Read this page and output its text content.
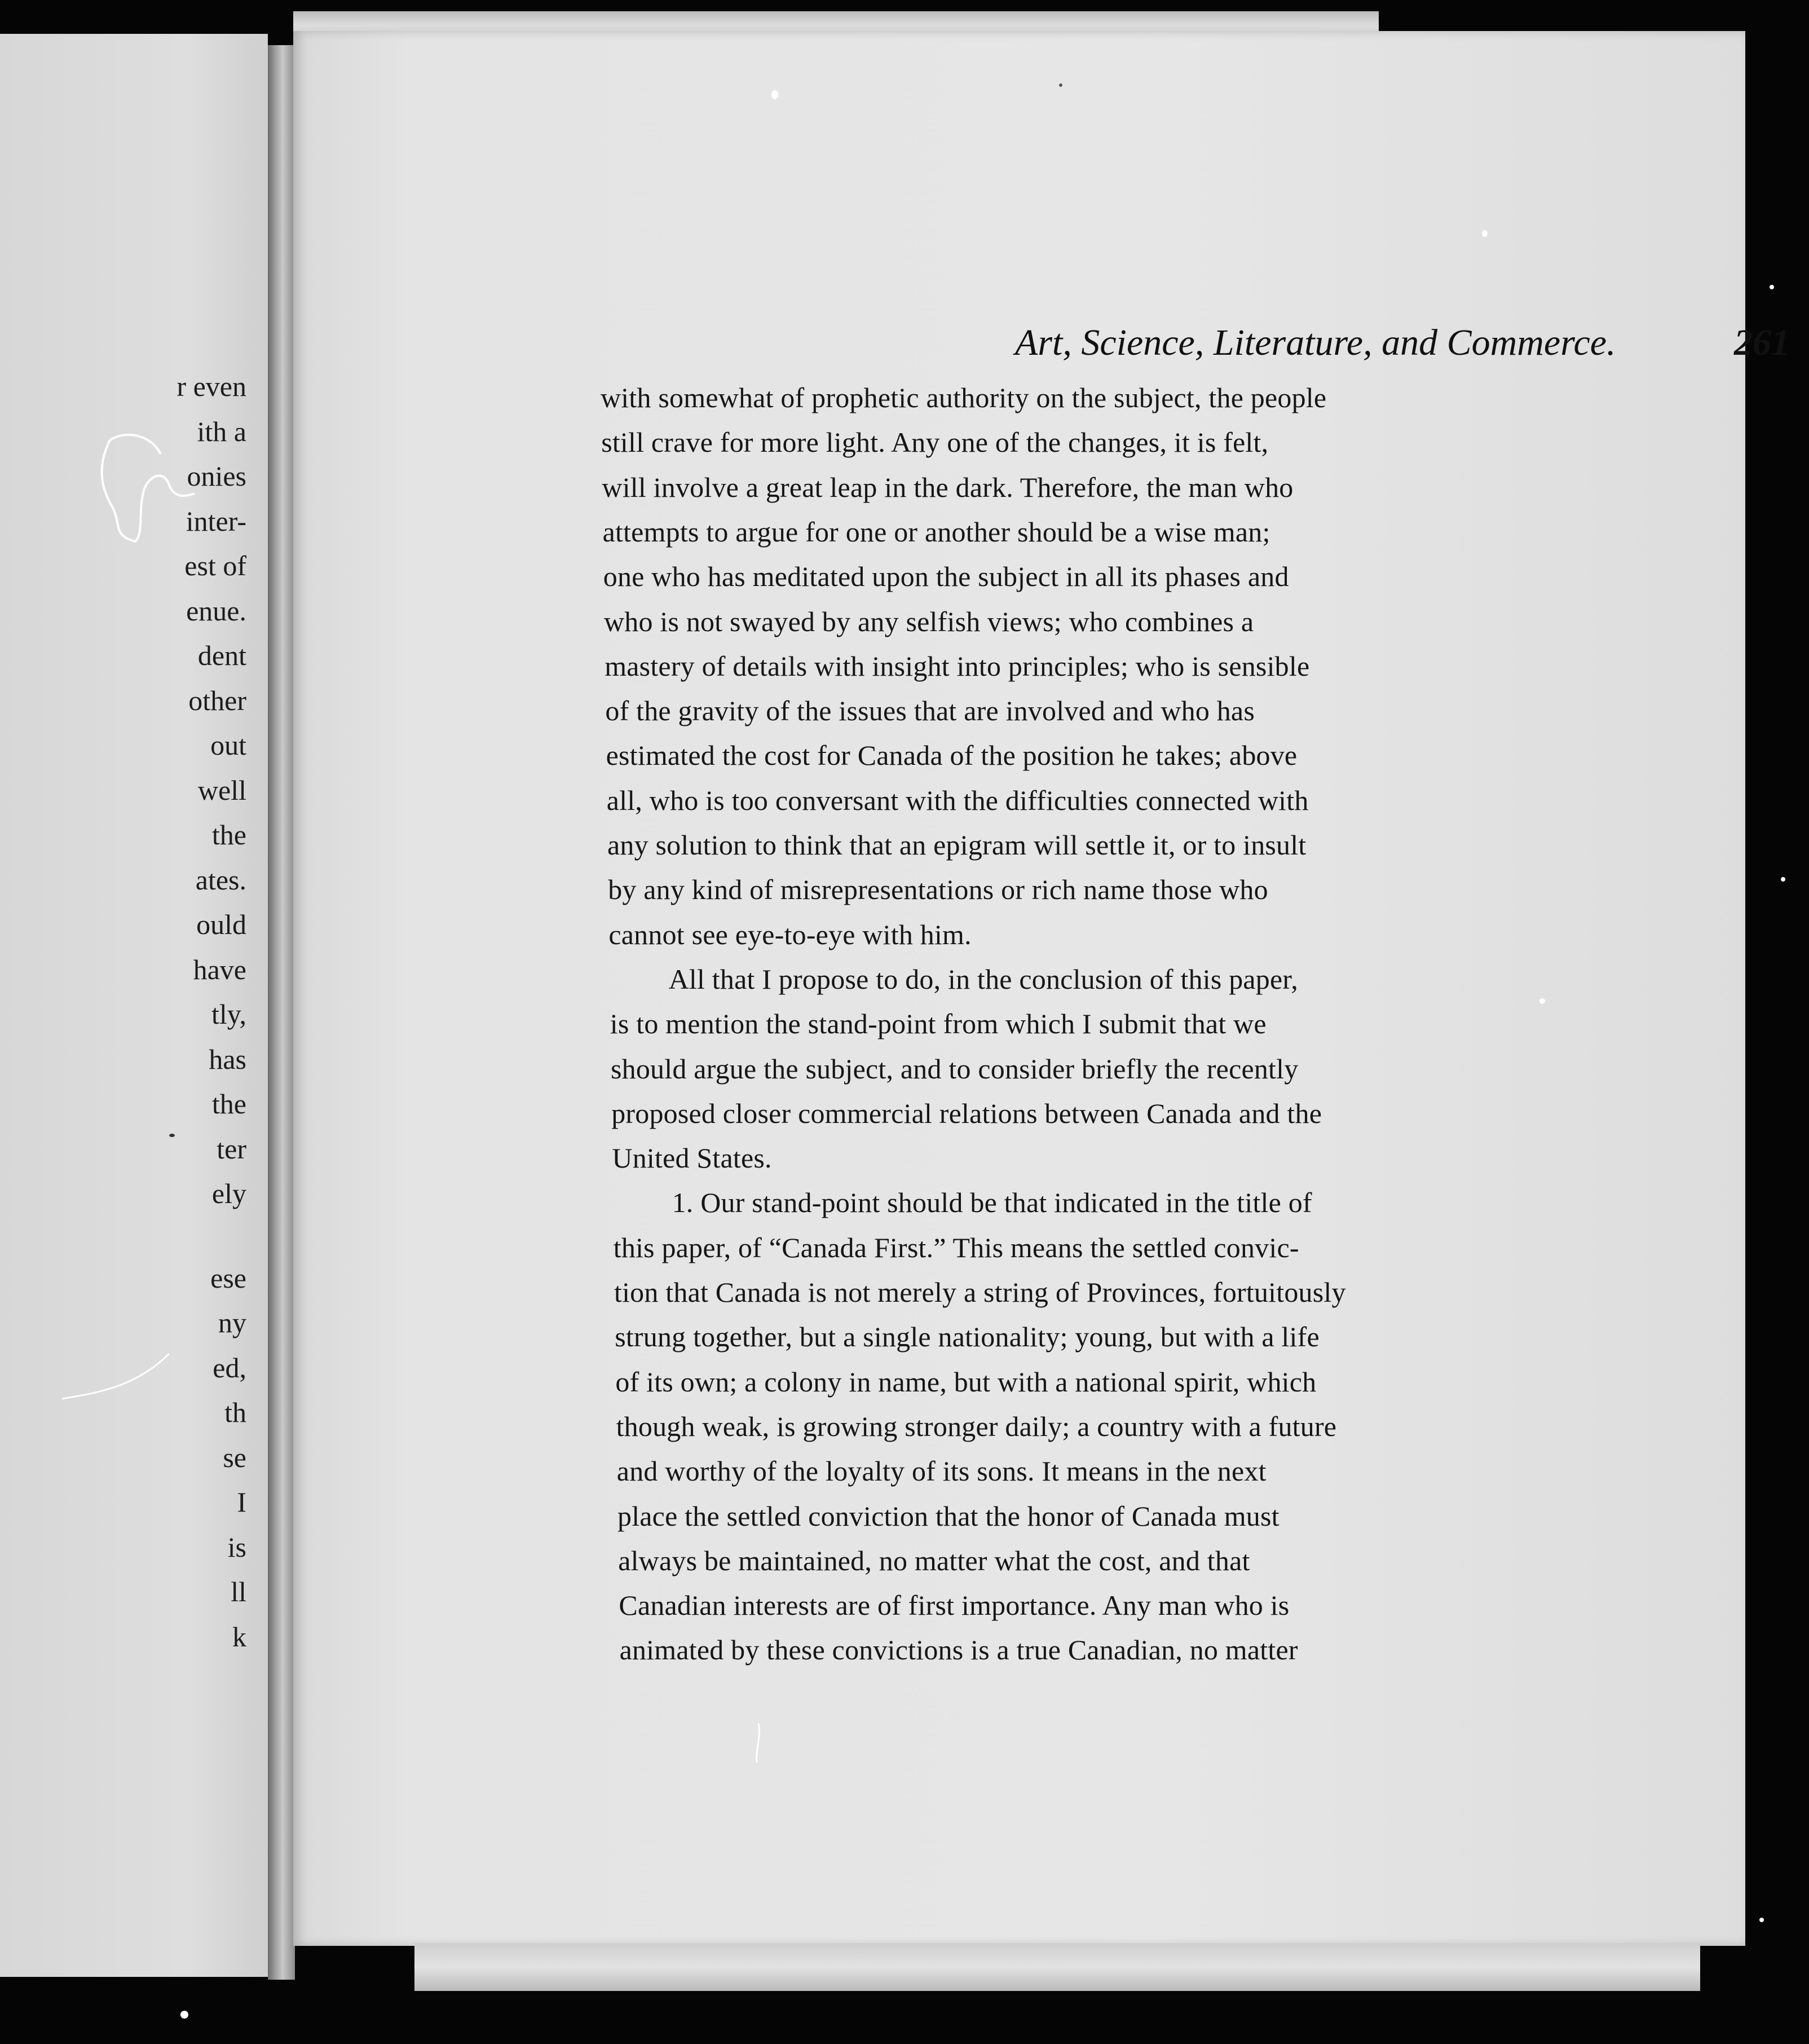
r even
ith a
onies
inter-
est of
enue.
dent
other
out
well
the
ates.
ould
have
tly,
has
the
ter
ely
ese
ny
ed,
th
se
I
is
ll
k
Art, Science, Literature, and Commerce.	261
with somewhat of prophetic authority on the subject, the people
still crave for more light. Any one of the changes, it is felt,
will involve a great leap in the dark. Therefore, the man who
attempts to argue for one or another should be a wise man;
one who has meditated upon the subject in all its phases and
who is not swayed by any selfish views; who combines a
mastery of details with insight into principles; who is sensible
of the gravity of the issues that are involved and who has
estimated the cost for Canada of the position he takes; above
all, who is too conversant with the difficulties connected with
any solution to think that an epigram will settle it, or to insult
by any kind of misrepresentations or rich name those who
cannot see eye-to-eye with him.
All that I propose to do, in the conclusion of this paper,
is to mention the stand-point from which I submit that we
should argue the subject, and to consider briefly the recently
proposed closer commercial relations between Canada and the
United States.
1. Our stand-point should be that indicated in the title of
this paper, of “Canada First.” This means the settled convic-
tion that Canada is not merely a string of Provinces, fortuitously
strung together, but a single nationality; young, but with a life
of its own; a colony in name, but with a national spirit, which
though weak, is growing stronger daily; a country with a future
and worthy of the loyalty of its sons. It means in the next
place the settled conviction that the honor of Canada must
always be maintained, no matter what the cost, and that
Canadian interests are of first importance. Any man who is
animated by these convictions is a true Canadian, no matter
